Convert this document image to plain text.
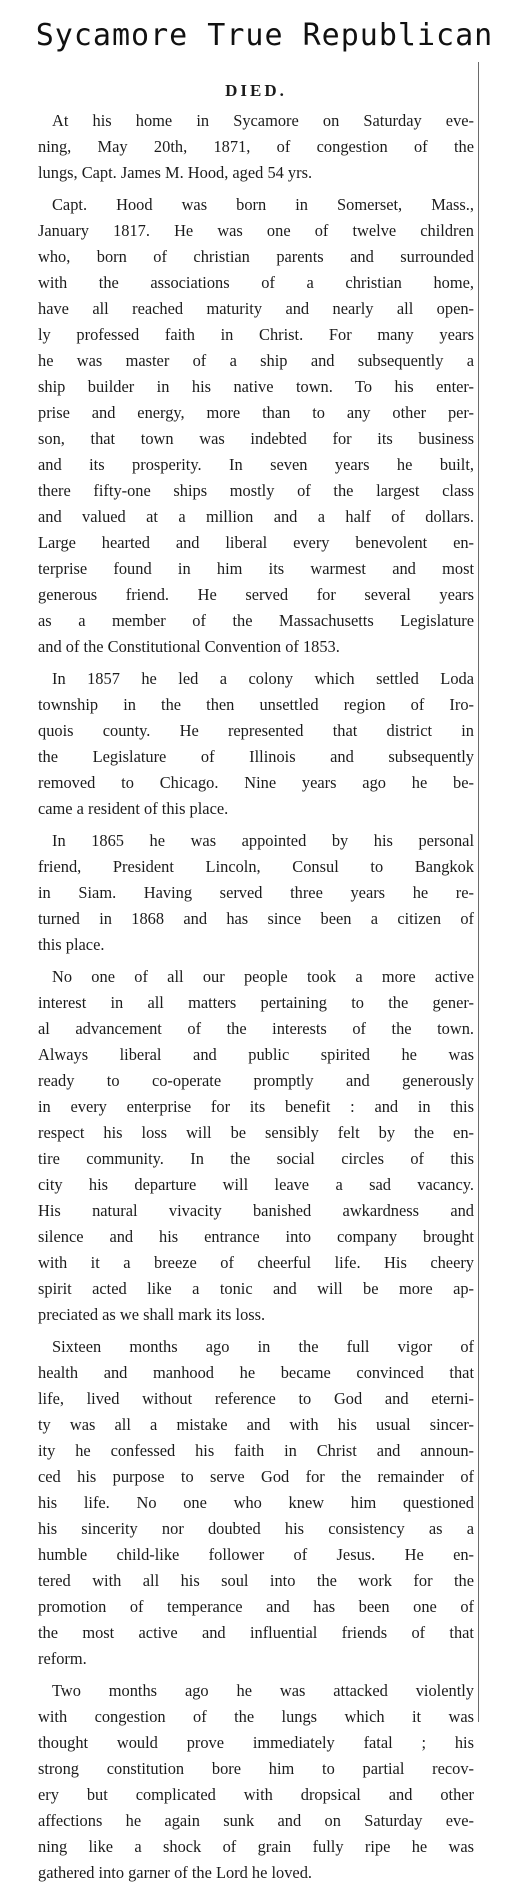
Sycamore True Republican
DIED.
At his home in Sycamore on Saturday eve-
ning, May 20th, 1871, of congestion of the
lungs, Capt. James M. Hood, aged 54 yrs.
Capt. Hood was born in Somerset, Mass.,
January 1817. He was one of twelve children
who, born of christian parents and surrounded
with the associations of a christian home,
have all reached maturity and nearly all open-
ly professed faith in Christ. For many years
he was master of a ship and subsequently a
ship builder in his native town. To his enter-
prise and energy, more than to any other per-
son, that town was indebted for its business
and its prosperity. In seven years he built,
there fifty-one ships mostly of the largest class
and valued at a million and a half of dollars.
Large hearted and liberal every benevolent en-
terprise found in him its warmest and most
generous friend. He served for several years
as a member of the Massachusetts Legislature
and of the Constitutional Convention of 1853.
In 1857 he led a colony which settled Loda
township in the then unsettled region of Iro-
quois county. He represented that district in
the Legislature of Illinois and subsequently
removed to Chicago. Nine years ago he be-
came a resident of this place.
In 1865 he was appointed by his personal
friend, President Lincoln, Consul to Bangkok
in Siam. Having served three years he re-
turned in 1868 and has since been a citizen of
this place.
No one of all our people took a more active
interest in all matters pertaining to the gener-
al advancement of the interests of the town.
Always liberal and public spirited he was
ready to co-operate promptly and generously
in every enterprise for its benefit : and in this
respect his loss will be sensibly felt by the en-
tire community. In the social circles of this
city his departure will leave a sad vacancy.
His natural vivacity banished awkardness and
silence and his entrance into company brought
with it a breeze of cheerful life. His cheery
spirit acted like a tonic and will be more ap-
preciated as we shall mark its loss.
Sixteen months ago in the full vigor of
health and manhood he became convinced that
life, lived without reference to God and eterni-
ty was all a mistake and with his usual sincer-
ity he confessed his faith in Christ and announ-
ced his purpose to serve God for the remainder of
his life. No one who knew him questioned
his sincerity nor doubted his consistency as a
humble child-like follower of Jesus. He en-
tered with all his soul into the work for the
promotion of temperance and has been one of
the most active and influential friends of that
reform.
Two months ago he was attacked violently
with congestion of the lungs which it was
thought would prove immediately fatal ; his
strong constitution bore him to partial recov-
ery but complicated with dropsical and other
affections he again sunk and on Saturday eve-
ning like a shock of grain fully ripe he was
gathered into garner of the Lord he loved.
